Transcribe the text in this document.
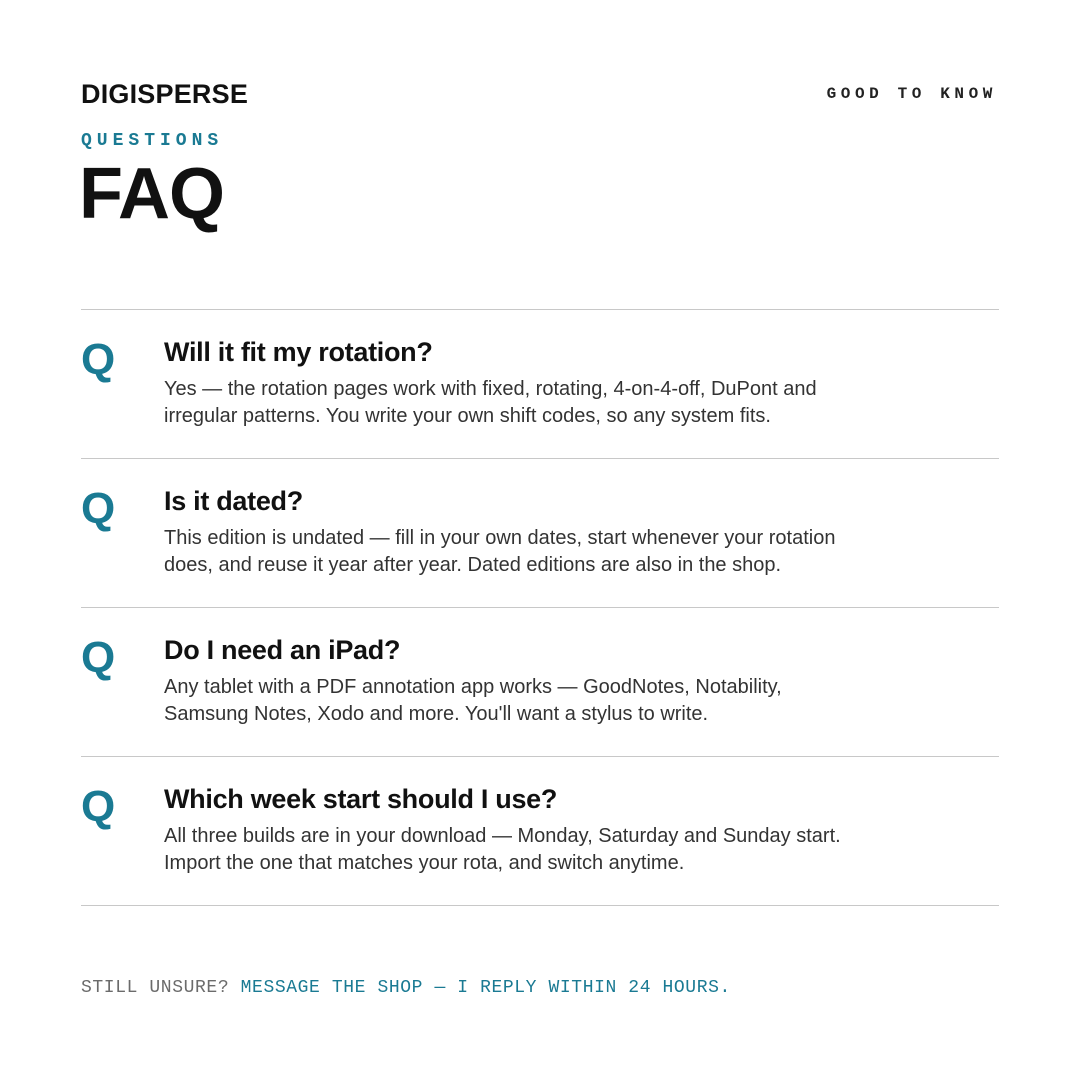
DIGISPERSE	GOOD TO KNOW
QUESTIONS
FAQ
Q Will it fit my rotation?

Yes — the rotation pages work with fixed, rotating, 4-on-4-off, DuPont and irregular patterns. You write your own shift codes, so any system fits.

Q Is it dated?

This edition is undated — fill in your own dates, start whenever your rotation does, and reuse it year after year. Dated editions are also in the shop.

Q Do I need an iPad?

Any tablet with a PDF annotation app works — GoodNotes, Notability, Samsung Notes, Xodo and more. You'll want a stylus to write.

Q Which week start should I use?

All three builds are in your download — Monday, Saturday and Sunday start. Import the one that matches your rota, and switch anytime.

STILL UNSURE? MESSAGE THE SHOP — I REPLY WITHIN 24 HOURS.
